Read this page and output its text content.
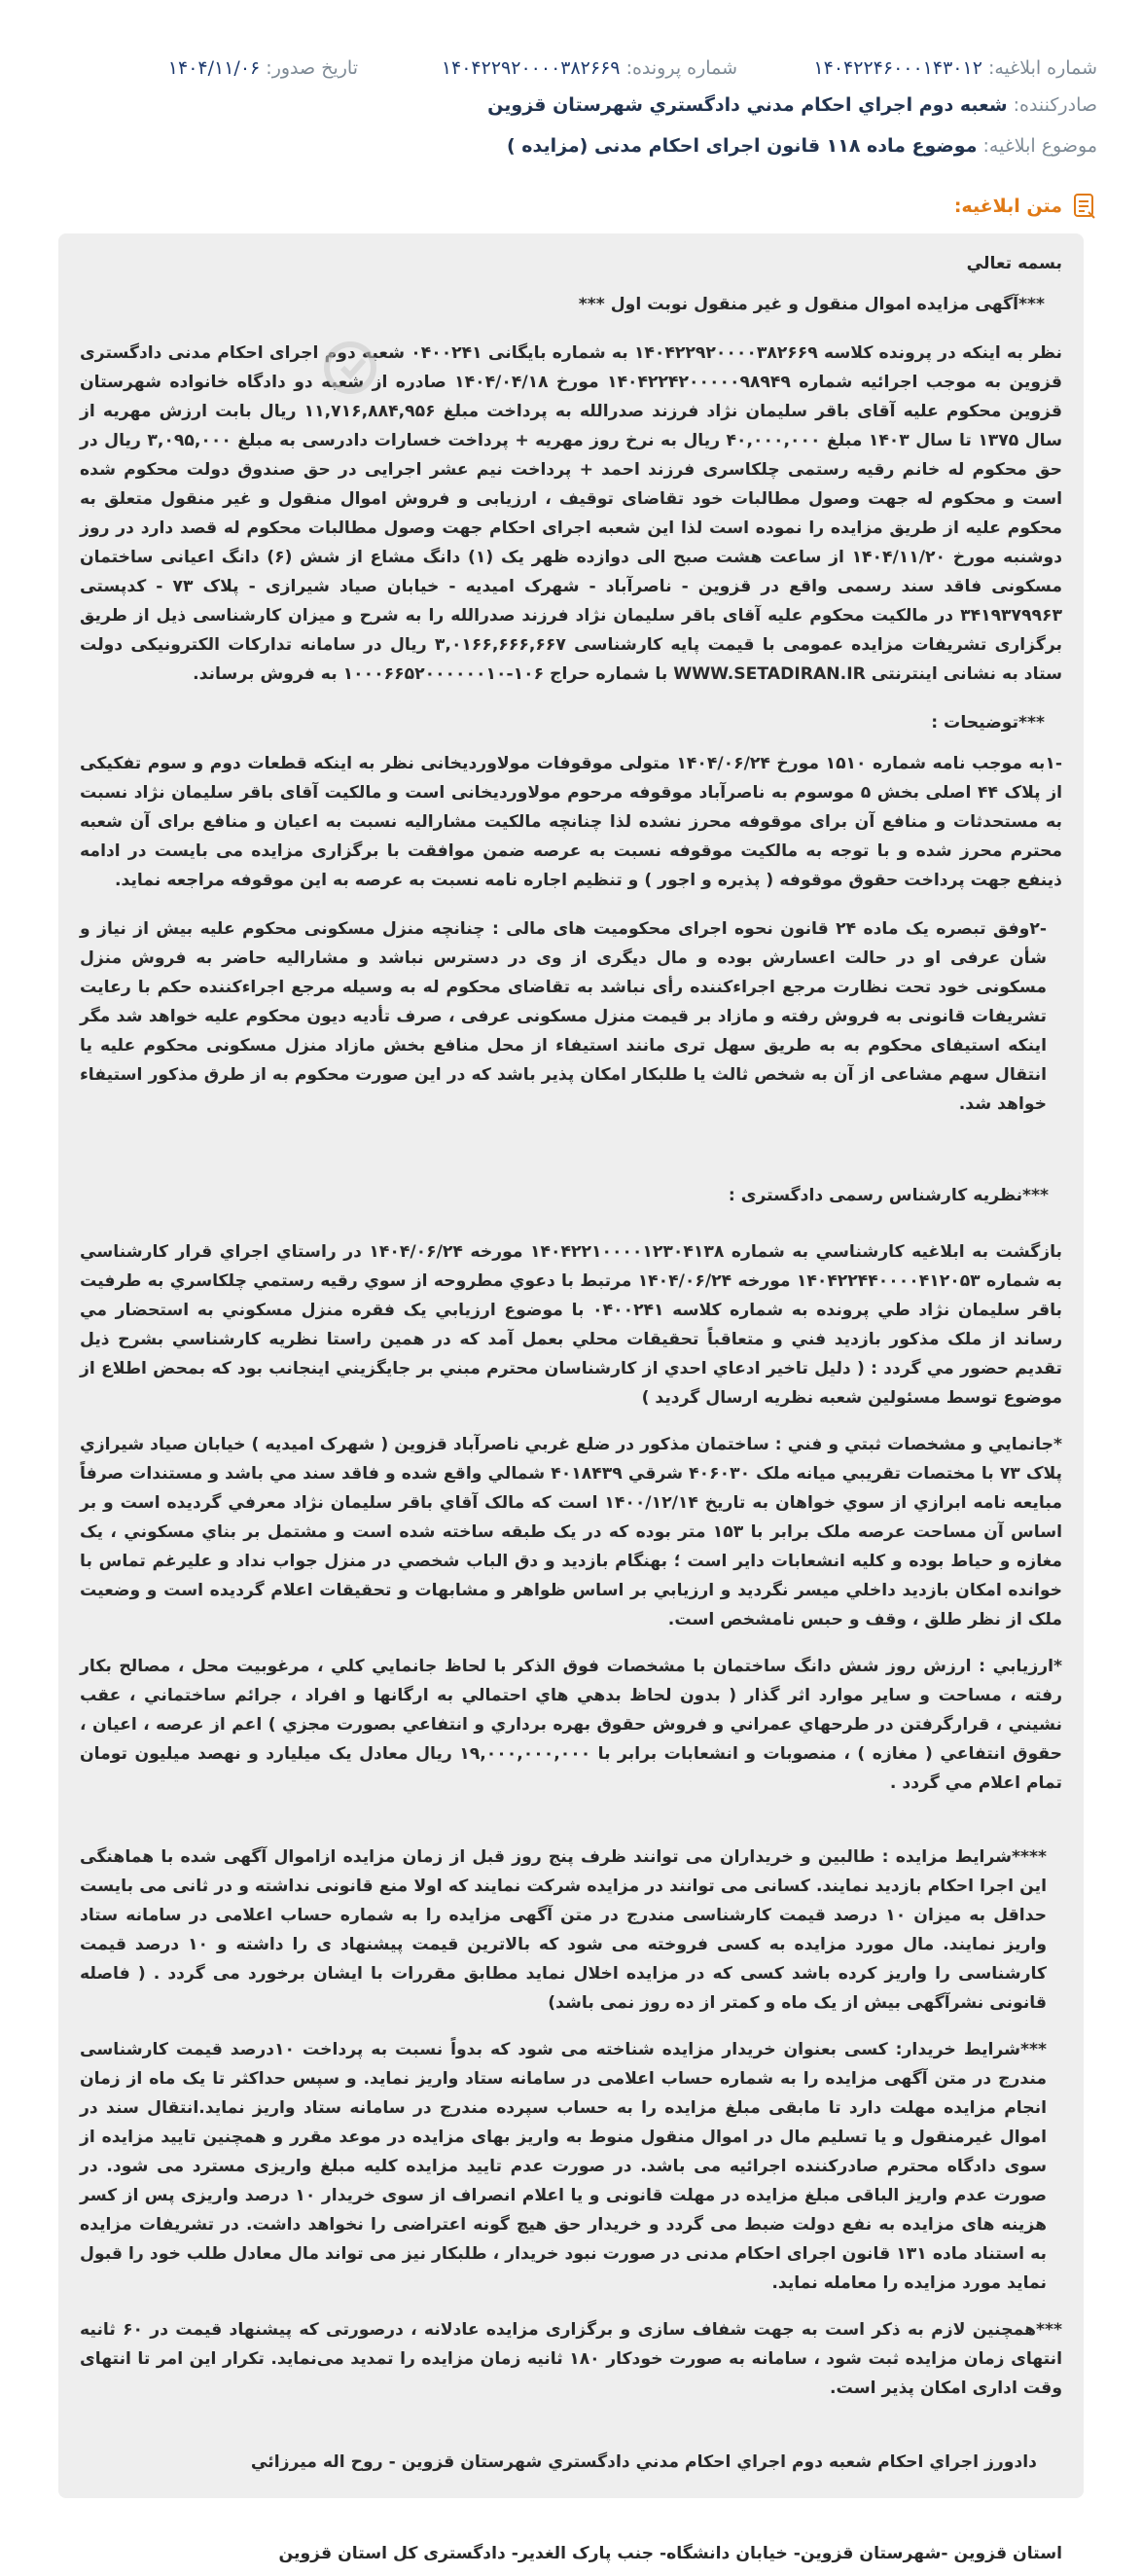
شماره ابلاغیه: ۱۴۰۴۲۲۴۶۰۰۰۱۴۳۰۱۲
شماره پرونده: ۱۴۰۴۲۲۹۲۰۰۰۰۳۸۲۶۶۹
تاریخ صدور: ۱۴۰۴/۱۱/۰۶
صادرکننده: شعبه دوم اجراي احكام مدني دادگستري شهرستان قزوين
موضوع ابلاغیه: موضوع ماده ۱۱۸ قانون اجرای احکام مدنی (مزایده )
متن ابلاغیه:

بسمه تعالي

***آگهی مزایده اموال منقول و غیر منقول نوبت اول ***

نظر به اینکه در پرونده کلاسه ۱۴۰۴۲۲۹۲۰۰۰۰۳۸۲۶۶۹ به شماره بایگانی ۰۴۰۰۲۴۱ شعبه دوم اجرای احکام مدنی دادگستری قزوین به موجب اجرائیه شماره ۱۴۰۴۲۲۴۲۰۰۰۰۰۹۸۹۴۹ مورخ ۱۴۰۴/۰۴/۱۸ صادره از شعبه دو دادگاه خانواده شهرستان قزوین محکوم علیه آقای باقر سلیمان نژاد فرزند صدرالله به پرداخت مبلغ ۱۱,۷۱۶,۸۸۴,۹۵۶ ریال بابت ارزش مهریه از سال ۱۳۷۵ تا سال ۱۴۰۳ مبلغ ۴۰,۰۰۰,۰۰۰ ریال به نرخ روز مهریه + پرداخت خسارات دادرسی به مبلغ ۳,۰۹۵,۰۰۰ ریال در حق محکوم له خانم رقیه رستمی چلکاسری فرزند احمد + پرداخت نیم عشر اجرایی در حق صندوق دولت محکوم شده است و محکوم له جهت وصول مطالبات خود تقاضای توقیف ، ارزیابی و فروش اموال منقول و غیر منقول متعلق به محکوم علیه از طریق مزایده را نموده است لذا این شعبه اجرای احکام جهت وصول مطالبات محکوم له قصد دارد در روز دوشنبه مورخ ۱۴۰۴/۱۱/۲۰ از ساعت هشت صبح الی دوازده ظهر یک (۱) دانگ مشاع از شش (۶) دانگ اعیانی ساختمان مسکونی فاقد سند رسمی واقع در قزوین - ناصرآباد - شهرک امیدیه - خیابان صیاد شیرازی - پلاک ۷۳ - کدپستی ۳۴۱۹۳۷۹۹۶۳ در مالکیت محکوم علیه آقای باقر سلیمان نژاد فرزند صدرالله را به شرح و میزان کارشناسی ذیل از طریق برگزاری تشریفات مزایده عمومی با قیمت پایه کارشناسی ۳,۰۱۶۶,۶۶۶,۶۶۷ ریال در سامانه تدارکات الکترونیکی دولت ستاد به نشانی اینترنتی WWW.SETADIRAN.IR با شماره حراج ۱۰۶-۱۰۰۰۶۶۵۲۰۰۰۰۰۰۱۰ به فروش برساند.

***توضیحات :

-۱به موجب نامه شماره ۱۵۱۰ مورخ ۱۴۰۴/۰۶/۲۴ متولی موقوفات مولاوردیخانی نظر به اینکه قطعات دوم و سوم تفکیکی از پلاک ۴۴ اصلی بخش ۵ موسوم به ناصرآباد موقوفه مرحوم مولاوردیخانی است و مالکیت آقای باقر سلیمان نژاد نسبت به مستحدثات و منافع آن برای موقوفه محرز نشده لذا چنانچه مالکیت مشارالیه نسبت به اعیان و منافع برای آن شعبه محترم محرز شده و با توجه به مالکیت موقوفه نسبت به عرصه ضمن موافقت با برگزاری مزایده می بایست در ادامه ذینفع جهت پرداخت حقوق موقوفه ( پذیره و اجور ) و تنظیم اجاره نامه نسبت به عرصه به این موقوفه مراجعه نماید.

-۲وفق تبصره یک ماده ۲۴ قانون نحوه اجرای محکومیت های مالی : چنانچه منزل مسکونی محکوم علیه بیش از نیاز و شأن عرفی او در حالت اعسارش بوده و مال دیگری از وی در دسترس نباشد و مشارالیه حاضر به فروش منزل مسکونی خود تحت نظارت مرجع اجراءکننده رأی نباشد به تقاضای محکوم له به وسیله مرجع اجراءکننده حکم با رعایت تشریفات قانونی به فروش رفته و مازاد بر قیمت منزل مسکونی عرفی ، صرف تأدیه دیون محکوم علیه خواهد شد مگر اینکه استیفای محکوم به به طریق سهل تری مانند استیفاء از محل منافع بخش مازاد منزل مسکونی محکوم علیه یا انتقال سهم مشاعی از آن به شخص ثالث یا طلبکار امکان پذیر باشد که در این صورت محکوم به از طرق مذکور استیفاء خواهد شد.

***نظریه کارشناس رسمی دادگستری :

بازگشت به ابلاغیه کارشناسي به شماره ۱۴۰۴۲۲۱۰۰۰۰۱۲۳۰۴۱۳۸ مورخه ۱۴۰۴/۰۶/۲۴ در راستاي اجراي قرار کارشناسي به شماره ۱۴۰۴۲۲۴۴۰۰۰۰۴۱۲۰۵۳ مورخه ۱۴۰۴/۰۶/۲۴ مرتبط با دعوي مطروحه از سوي رقيه رستمي چلکاسري به طرفيت باقر سليمان نژاد طي پرونده به شماره کلاسه ۰۴۰۰۲۴۱ با موضوع ارزيابي يک فقره منزل مسکوني به استحضار مي رساند از ملک مذکور بازديد فني و متعاقباً تحقيقات محلي بعمل آمد که در همين راستا نظريه کارشناسي بشرح ذيل تقديم حضور مي گردد : ( دليل تاخير ادعاي احدي از کارشناسان محترم مبني بر جايگزيني اينجانب بود که بمحض اطلاع از موضوع توسط مسئولين شعبه نظريه ارسال گرديد )

*جانمایي و مشخصات ثبتي و فني : ساختمان مذکور در ضلع غربي ناصرآباد قزوين ( شهرک اميديه ) خيابان صياد شيرازي پلاک ۷۳ با مختصات تقريبي ميانه ملک ۴۰۶۰۳۰ شرقي ۴۰۱۸۴۳۹ شمالي واقع شده و فاقد سند مي باشد و مستندات صرفاً مبايعه نامه ابرازي از سوي خواهان به تاريخ ۱۴۰۰/۱۲/۱۴ است که مالک آقاي باقر سليمان نژاد معرفي گرديده است و بر اساس آن مساحت عرصه ملک برابر با ۱۵۳ متر بوده که در يک طبقه ساخته شده است و مشتمل بر بناي مسکوني ، يک مغازه و حياط بوده و کليه انشعابات داير است ؛ بهنگام بازديد و دق الباب شخصي در منزل جواب نداد و عليرغم تماس با خوانده امکان بازديد داخلي ميسر نگرديد و ارزيابي بر اساس ظواهر و مشابهات و تحقيقات اعلام گرديده است و وضعيت ملک از نظر طلق ، وقف و حبس نامشخص است.

*ارزيابي : ارزش روز شش دانگ ساختمان با مشخصات فوق الذکر با لحاظ جانمايي کلي ، مرغوبيت محل ، مصالح بکار رفته ، مساحت و ساير موارد اثر گذار ( بدون لحاظ بدهي هاي احتمالي به ارگانها و افراد ، جرائم ساختماني ، عقب نشيني ، قرارگرفتن در طرحهاي عمراني و فروش حقوق بهره برداري و انتفاعي بصورت مجزي ) اعم از عرصه ، اعيان ، حقوق انتفاعي ( مغازه ) ، منصوبات و انشعابات برابر با ۱۹,۰۰۰,۰۰۰,۰۰۰ ريال معادل يک ميليارد و نهصد ميليون تومان تمام اعلام مي گردد .

****شرایط مزایده : طالبین و خریداران می توانند ظرف پنج روز قبل از زمان مزایده ازاموال آگهی شده با هماهنگی این اجرا احکام بازدید نمایند. کسانی می توانند در مزایده شرکت نمایند که اولا منع قانونی نداشته و در ثانی می بایست حداقل به میزان ۱۰ درصد قیمت کارشناسی مندرج در متن آگهی مزایده را به شماره حساب اعلامی در سامانه ستاد واریز نمایند. مال مورد مزایده به کسی فروخته می شود که بالاترین قیمت پیشنهاد ی را داشته و ۱۰ درصد قیمت کارشناسی را واریز کرده باشد کسی که در مزایده اخلال نماید مطابق مقررات با ایشان برخورد می گردد . ( فاصله قانونی نشرآگهی بیش از یک ماه و کمتر از ده روز نمی باشد)

***شرایط خریدار: کسی بعنوان خریدار مزایده شناخته می شود که بدواً نسبت به پرداخت ۱۰درصد قیمت کارشناسی مندرج در متن آگهی مزایده را به شماره حساب اعلامی در سامانه ستاد واریز نماید. و سپس حداکثر تا یک ماه از زمان انجام مزایده مهلت دارد تا مابقی مبلغ مزایده را به حساب سپرده مندرج در سامانه ستاد واریز نماید.انتقال سند در اموال غیرمنقول و یا تسلیم مال در اموال منقول منوط به واریز بهای مزایده در موعد مقرر و همچنین تایید مزایده از سوی دادگاه محترم صادرکننده اجرائیه می باشد. در صورت عدم تایید مزایده کلیه مبلغ واریزی مسترد می شود. در صورت عدم واریز الباقی مبلغ مزایده در مهلت قانونی و یا اعلام انصراف از سوی خریدار ۱۰ درصد واریزی پس از کسر هزینه های مزایده به نفع دولت ضبط می گردد و خریدار حق هیچ گونه اعتراضی را نخواهد داشت. در تشریفات مزایده به استناد ماده ۱۳۱ قانون اجرای احکام مدنی در صورت نبود خریدار ، طلبکار نیز می تواند مال معادل طلب خود را قبول نماید مورد مزایده را معامله نماید.

***همچنین لازم به ذکر است به جهت شفاف سازی و برگزاری مزایده عادلانه ، درصورتی که پیشنهاد قیمت در ۶۰ ثانیه انتهای زمان مزایده ثبت شود ، سامانه به صورت خودکار ۱۸۰ ثانیه زمان مزایده را تمدید می‌نماید. تکرار این امر تا انتهای وقت اداری امکان پذیر است.

دادورز اجراي احكام شعبه دوم اجراي احكام مدني دادگستري شهرستان قزوين - روح اله ميرزائي

استان قزوین -شهرستان قزوین- خیابان دانشگاه- جنب پارک الغدیر- دادگستری کل استان قزوین
